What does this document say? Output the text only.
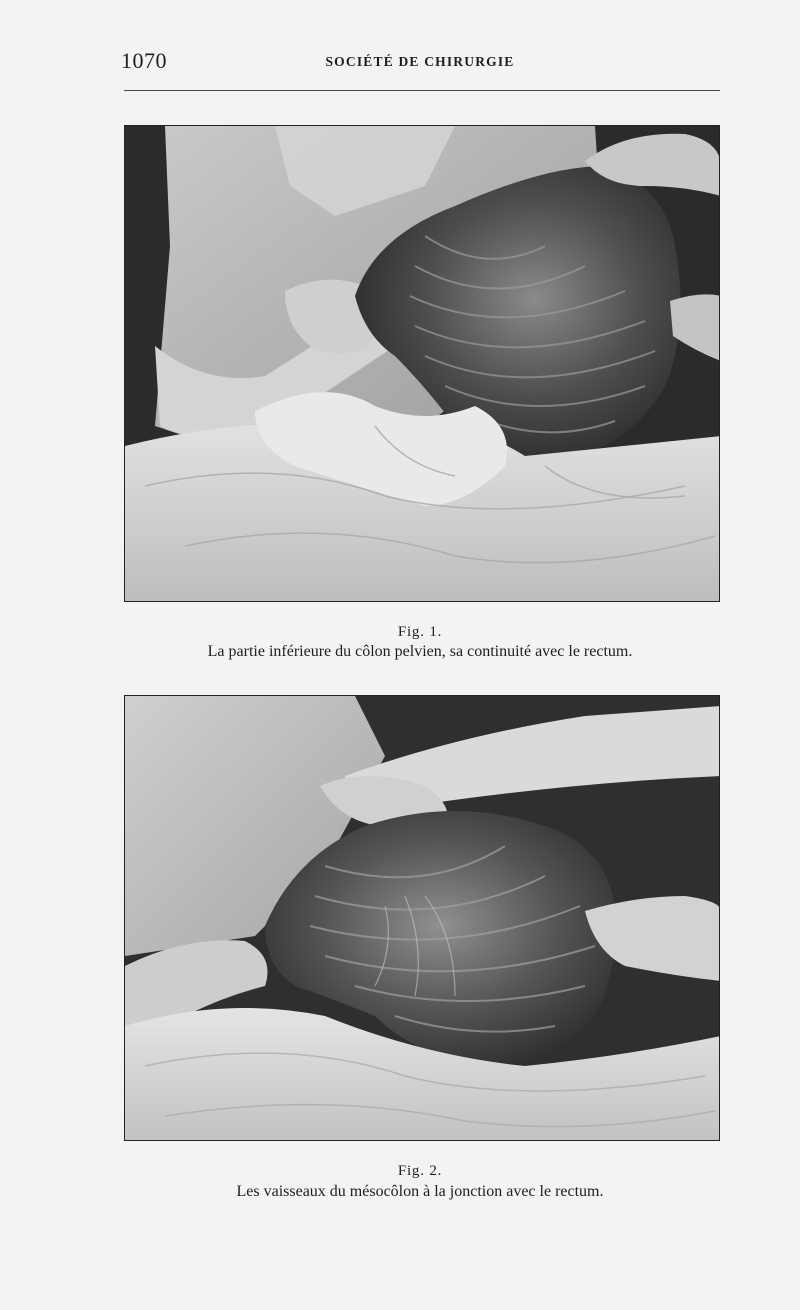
1070	SOCIÉTÉ DE CHIRURGIE
Fig. 1.
La partie inférieure du côlon pelvien, sa continuité avec le rectum.
Fig. 2.
Les vaisseaux du mésocôlon à la jonction avec le rectum.
